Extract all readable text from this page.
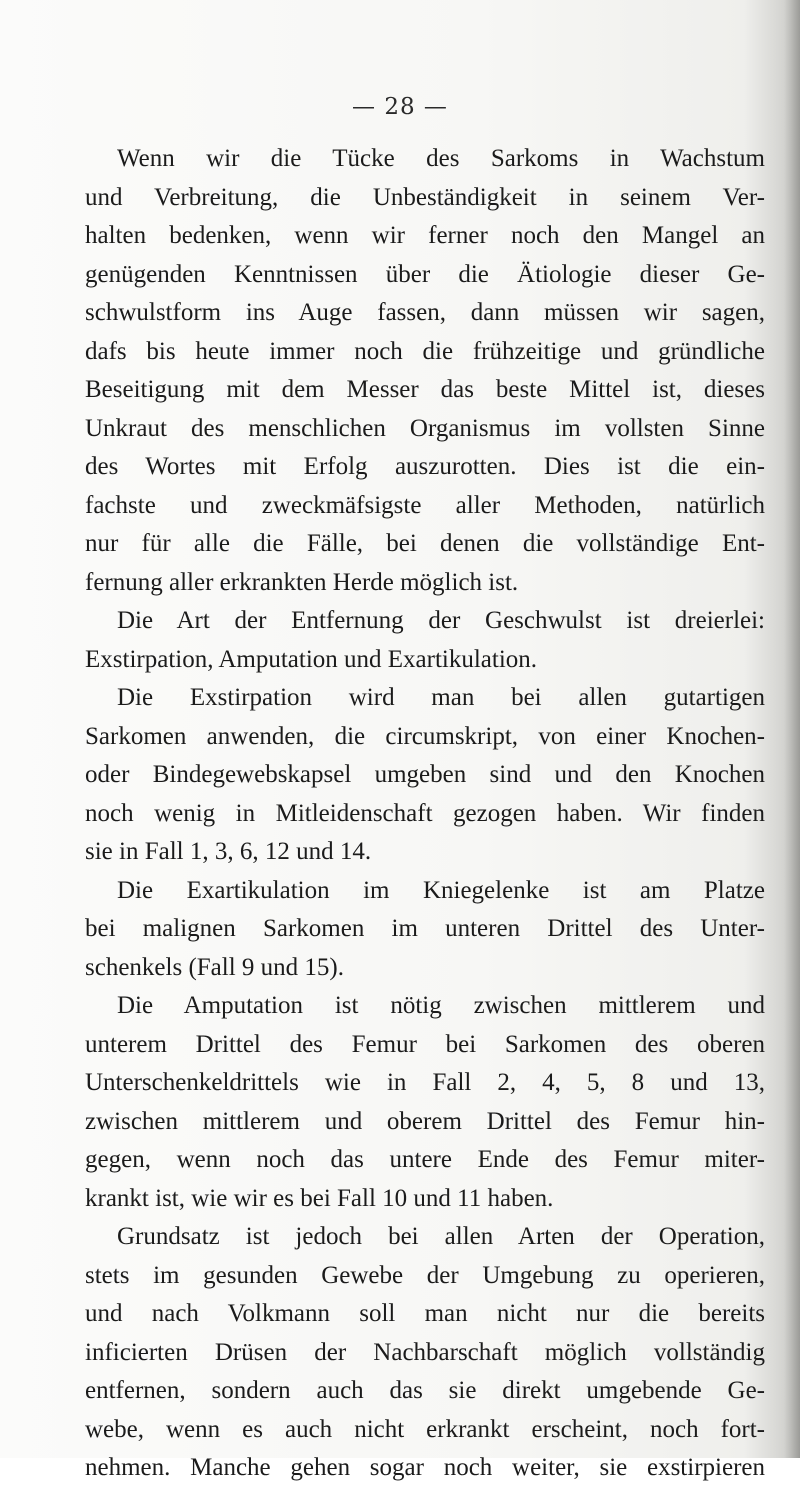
— 28 —
Wenn wir die Tücke des Sarkoms in Wachstum
und Verbreitung, die Unbeständigkeit in seinem Ver-
halten bedenken, wenn wir ferner noch den Mangel an
genügenden Kenntnissen über die Ätiologie dieser Ge-
schwulstform ins Auge fassen, dann müssen wir sagen,
dafs bis heute immer noch die frühzeitige und gründliche
Beseitigung mit dem Messer das beste Mittel ist, dieses
Unkraut des menschlichen Organismus im vollsten Sinne
des Wortes mit Erfolg auszurotten. Dies ist die ein-
fachste und zweckmäfsigste aller Methoden, natürlich
nur für alle die Fälle, bei denen die vollständige Ent-
fernung aller erkrankten Herde möglich ist.
Die Art der Entfernung der Geschwulst ist dreierlei:
Exstirpation, Amputation und Exartikulation.
Die Exstirpation wird man bei allen gutartigen
Sarkomen anwenden, die circumskript, von einer Knochen-
oder Bindegewebskapsel umgeben sind und den Knochen
noch wenig in Mitleidenschaft gezogen haben. Wir finden
sie in Fall 1, 3, 6, 12 und 14.
Die Exartikulation im Kniegelenke ist am Platze
bei malignen Sarkomen im unteren Drittel des Unter-
schenkels (Fall 9 und 15).
Die Amputation ist nötig zwischen mittlerem und
unterem Drittel des Femur bei Sarkomen des oberen
Unterschenkeldrittels wie in Fall 2, 4, 5, 8 und 13,
zwischen mittlerem und oberem Drittel des Femur hin-
gegen, wenn noch das untere Ende des Femur miter-
krankt ist, wie wir es bei Fall 10 und 11 haben.
Grundsatz ist jedoch bei allen Arten der Operation,
stets im gesunden Gewebe der Umgebung zu operieren,
und nach Volkmann soll man nicht nur die bereits
inficierten Drüsen der Nachbarschaft möglich vollständig
entfernen, sondern auch das sie direkt umgebende Ge-
webe, wenn es auch nicht erkrankt erscheint, noch fort-
nehmen. Manche gehen sogar noch weiter, sie exstirpieren
